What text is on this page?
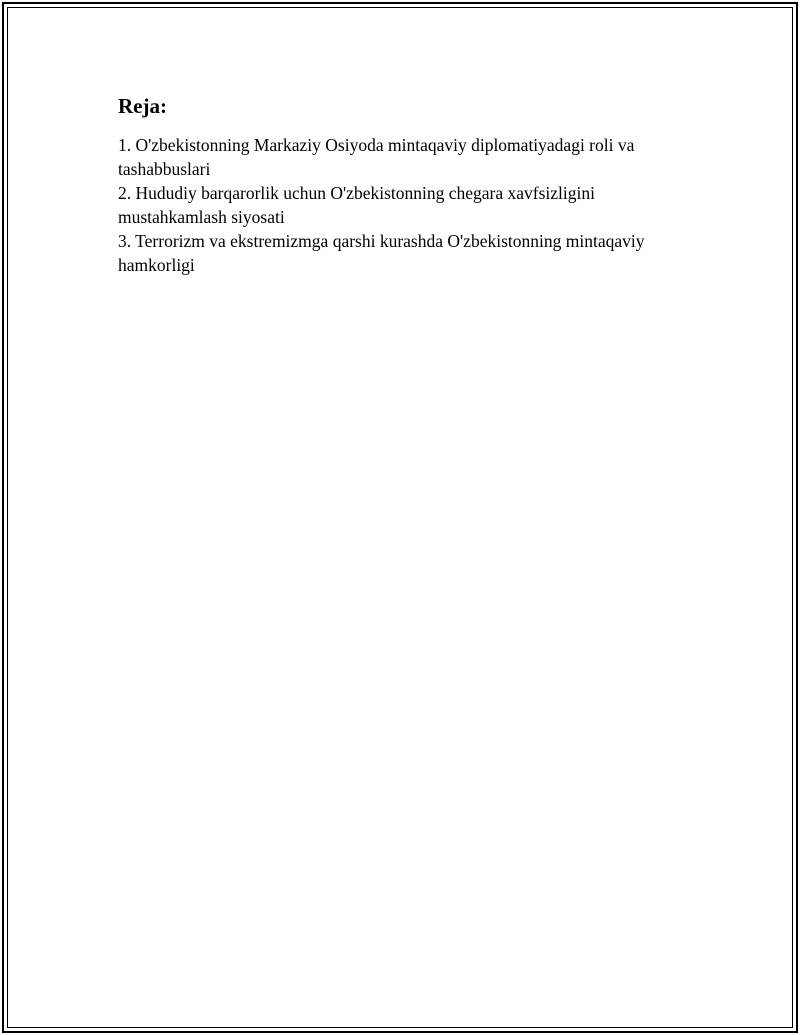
Reja:
1. O'zbekistonning Markaziy Osiyoda mintaqaviy diplomatiyadagi roli va tashabbuslari
2. Hududiy barqarorlik uchun O'zbekistonning chegara xavfsizligini mustahkamlash siyosati
3. Terrorizm va ekstremizmga qarshi kurashda O'zbekistonning mintaqaviy hamkorligi
